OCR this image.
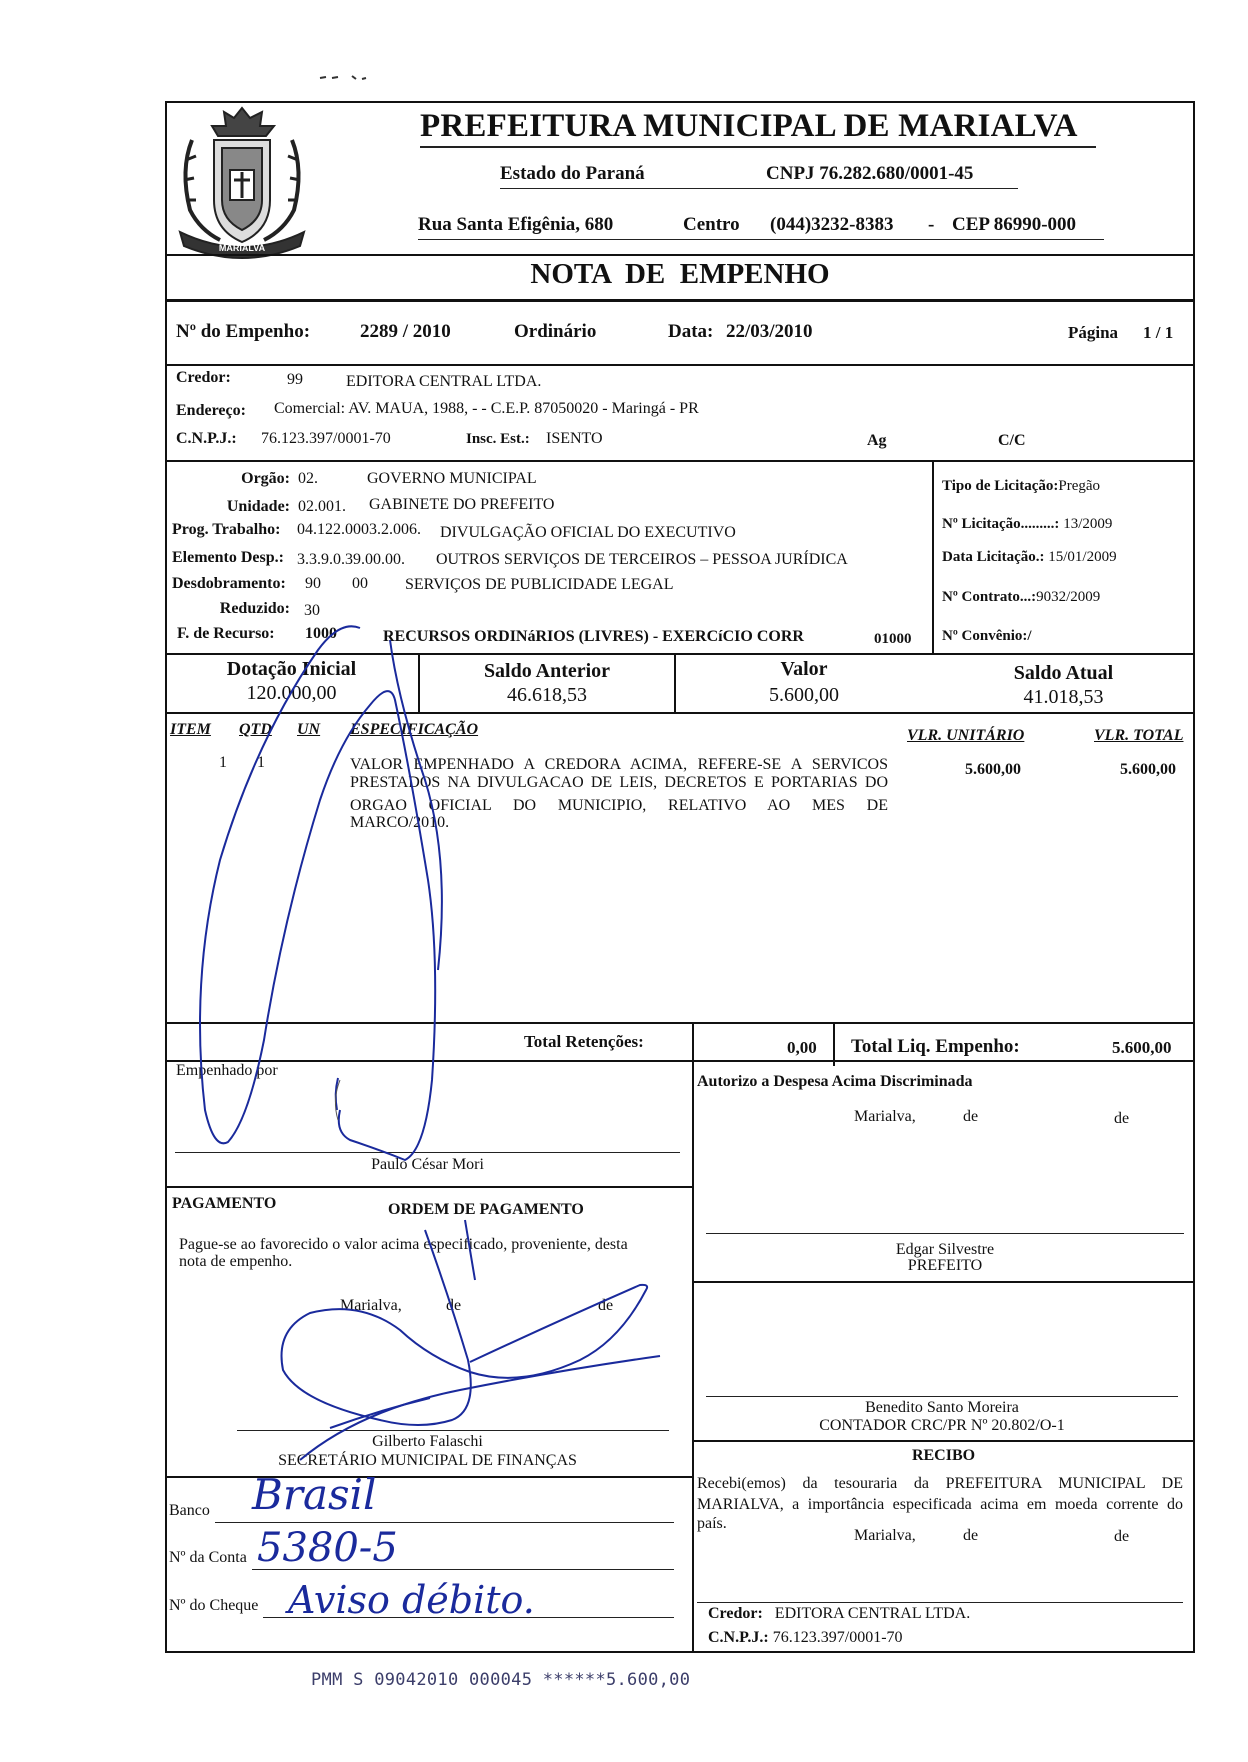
MARIALVA
PREFEITURA MUNICIPAL DE MARIALVA
Estado do Paraná	CNPJ 76.282.680/0001-45
Rua Santa Efigênia, 680	Centro (044)3232-8383 - CEP 86990-000
NOTA  DE  EMPENHO
Nº do Empenho:	2289 / 2010	Ordinário	Data: 22/03/2010	Página 1 / 1
Credor:	99	EDITORA CENTRAL LTDA.
Endereço: Comercial: AV. MAUA, 1988, - - C.E.P. 87050020 - Maringá - PR
C.N.P.J.: 76.123.397/0001-70	Insc. Est.: ISENTO	Ag	C/C
Orgão: 02.	GOVERNO MUNICIPAL
Unidade: 02.001. GABINETE DO PREFEITO
Prog. Trabalho: 04.122.0003.2.006. DIVULGAÇÃO OFICIAL DO EXECUTIVO
Elemento Desp.: 3.3.9.0.39.00.00. OUTROS SERVIÇOS DE TERCEIROS – PESSOA JURÍDICA
Desdobramento: 90 00 SERVIÇOS DE PUBLICIDADE LEGAL
Reduzido: 30
F. de Recurso: 1000	RECURSOS ORDINáRIOS (LIVRES) - EXERCíCIO CORR	01000
Tipo de Licitação:Pregão
Nº Licitação.........: 13/2009
Data Licitação.: 15/01/2009
Nº Contrato...:9032/2009
Nº Convênio:/
Dotação Inicial
120.000,00
Saldo Anterior
46.618,53
Valor
5.600,00
Saldo Atual
41.018,53
ITEM QTD UN ESPECIFICAÇÃO	VLR. UNITÁRIO	VLR. TOTAL
1 1	VALOR EMPENHADO A CREDORA ACIMA, REFERE-SE A SERVICOS
PRESTADOS NA DIVULGACAO DE LEIS, DECRETOS E PORTARIAS DO
ORGAO OFICIAL DO MUNICIPIO, RELATIVO AO MES DE
MARCO/2010.
5.600,00	5.600,00
Total Retenções:	0,00 Total Liq. Empenho:	5.600,00
Empenhado por
Paulo César Mori
Autorizo a Despesa Acima Discriminada
Marialva,	de	de
Edgar Silvestre
PREFEITO
PAGAMENTO	ORDEM DE PAGAMENTO
Pague-se ao favorecido o valor acima especificado, proveniente, desta
nota de empenho.
Marialva,	de	de
Gilberto Falaschi
SECRETÁRIO MUNICIPAL DE FINANÇAS
Benedito Santo Moreira
CONTADOR CRC/PR Nº 20.802/O-1
RECIBO
Recebi(emos) da tesouraria da PREFEITURA MUNICIPAL DE
MARIALVA, a importância especificada acima em moeda corrente do
país.
Marialva,	de	de
Credor: EDITORA CENTRAL LTDA.
C.N.P.J.: 76.123.397/0001-70
Banco Brasil
Nº da Conta 5380-5
Nº do Cheque Aviso débito.
PMM S 09042010 000045 ******5.600,00
